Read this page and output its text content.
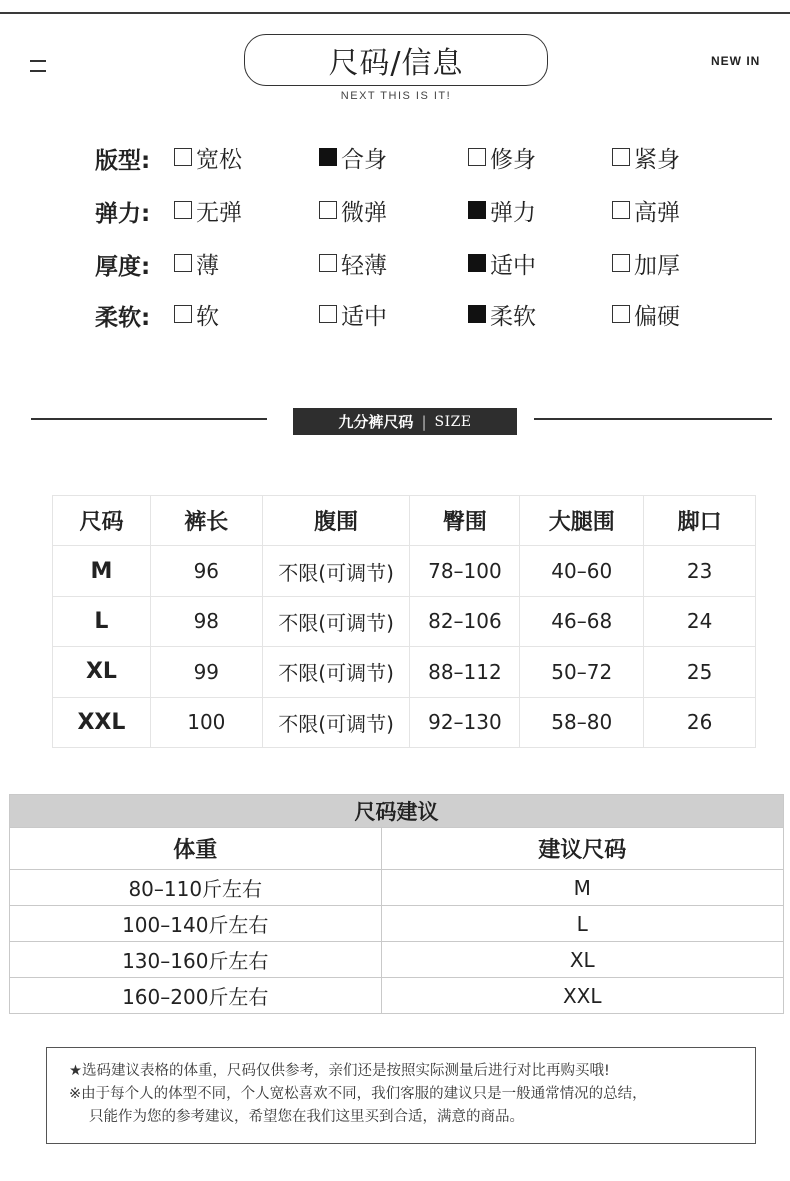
尺码/信息
NEXT THIS IS IT!
NEW IN
版型: 宽松	合身	修身	紧身
弹力: 无弹	微弹	弹力	高弹
厚度: 薄	轻薄	适中	加厚
柔软: 软	适中	柔软	偏硬
九分裤尺码 | SIZE
尺码	裤长	腹围	臀围	大腿围	脚口
M	96	不限(可调节)	78–100	40–60	23
L	98	不限(可调节)	82–106	46–68	24
XL	99	不限(可调节)	88–112	50–72	25
XXL	100	不限(可调节)	92–130	58–80	26
尺码建议	
体重	建议尺码
80–110斤左右	M
100–140斤左右	L
130–160斤左右	XL
160–200斤左右	XXL

★选码建议表格的体重，尺码仅供参考，亲们还是按照实际测量后进行对比再购买哦!

※由于每个人的体型不同，个人宽松喜欢不同，我们客服的建议只是一般通常情况的总结，

只能作为您的参考建议，希望您在我们这里买到合适，满意的商品。
